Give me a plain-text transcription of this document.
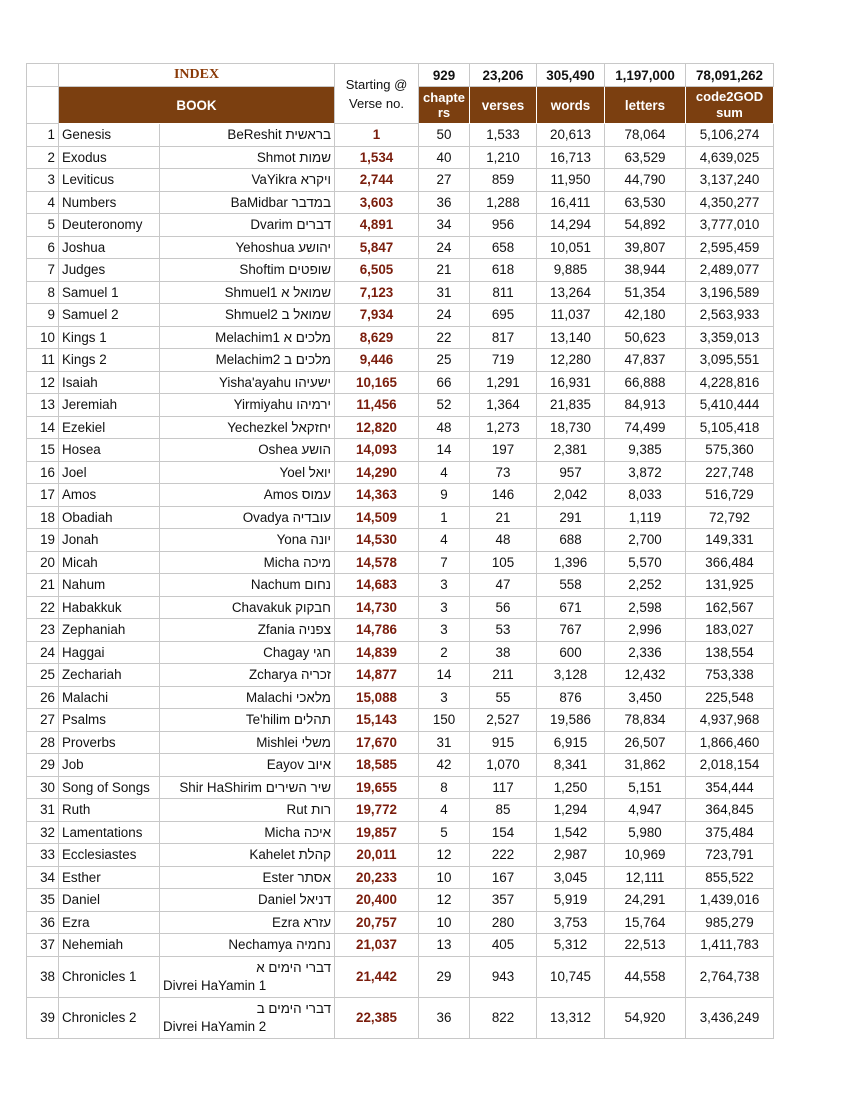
	INDEX		Starting @
Verse no.	929	23,206	305,490	1,197,000	78,091,262
	BOOK			chapte rs	verses	words	letters	code2GOD sum
1	Genesis	BeReshit בראשית	1	50	1,533	20,613	78,064	5,106,274
2	Exodus	Shmot שמות	1,534	40	1,210	16,713	63,529	4,639,025
3	Leviticus	VaYikra ויקרא	2,744	27	859	11,950	44,790	3,137,240
4	Numbers	BaMidbar במדבר	3,603	36	1,288	16,411	63,530	4,350,277
5	Deuteronomy	Dvarim דברים	4,891	34	956	14,294	54,892	3,777,010
6	Joshua	Yehoshua יהושע	5,847	24	658	10,051	39,807	2,595,459
7	Judges	Shoftim שופטים	6,505	21	618	9,885	38,944	2,489,077
8	Samuel 1	Shmuel1 שמואל א	7,123	31	811	13,264	51,354	3,196,589
9	Samuel 2	Shmuel2 שמואל ב	7,934	24	695	11,037	42,180	2,563,933
10	Kings 1	Melachim1 מלכים א	8,629	22	817	13,140	50,623	3,359,013
11	Kings 2	Melachim2 מלכים ב	9,446	25	719	12,280	47,837	3,095,551
12	Isaiah	Yisha'ayahu ישעיהו	10,165	66	1,291	16,931	66,888	4,228,816
13	Jeremiah	Yirmiyahu ירמיהו	11,456	52	1,364	21,835	84,913	5,410,444
14	Ezekiel	Yechezkel יחזקאל	12,820	48	1,273	18,730	74,499	5,105,418
15	Hosea	Oshea הושע	14,093	14	197	2,381	9,385	575,360
16	Joel	Yoel יואל	14,290	4	73	957	3,872	227,748
17	Amos	Amos עמוס	14,363	9	146	2,042	8,033	516,729
18	Obadiah	Ovadya עובדיה	14,509	1	21	291	1,119	72,792
19	Jonah	Yona יונה	14,530	4	48	688	2,700	149,331
20	Micah	Micha מיכה	14,578	7	105	1,396	5,570	366,484
21	Nahum	Nachum נחום	14,683	3	47	558	2,252	131,925
22	Habakkuk	Chavakuk חבקוק	14,730	3	56	671	2,598	162,567
23	Zephaniah	Zfania צפניה	14,786	3	53	767	2,996	183,027
24	Haggai	Chagay חגי	14,839	2	38	600	2,336	138,554
25	Zechariah	Zcharya זכריה	14,877	14	211	3,128	12,432	753,338
26	Malachi	Malachi מלאכי	15,088	3	55	876	3,450	225,548
27	Psalms	Te'hilim תהלים	15,143	150	2,527	19,586	78,834	4,937,968
28	Proverbs	Mishlei משלי	17,670	31	915	6,915	26,507	1,866,460
29	Job	Eayov איוב	18,585	42	1,070	8,341	31,862	2,018,154
30	Song of Songs	Shir HaShirim שיר השירים	19,655	8	117	1,250	5,151	354,444
31	Ruth	Rut רות	19,772	4	85	1,294	4,947	364,845
32	Lamentations	Micha איכה	19,857	5	154	1,542	5,980	375,484
33	Ecclesiastes	Kahelet קהלת	20,011	12	222	2,987	10,969	723,791
34	Esther	Ester אסתר	20,233	10	167	3,045	12,111	855,522
35	Daniel	Daniel דניאל	20,400	12	357	5,919	24,291	1,439,016
36	Ezra	Ezra עזרא	20,757	10	280	3,753	15,764	985,279
37	Nehemiah	Nechamya נחמיה	21,037	13	405	5,312	22,513	1,411,783
38	Chronicles 1	דברי הימים א
Divrei HaYamin 1	21,442	29	943	10,745	44,558	2,764,738
39	Chronicles 2	דברי הימים ב
Divrei HaYamin 2	22,385	36	822	13,312	54,920	3,436,249
